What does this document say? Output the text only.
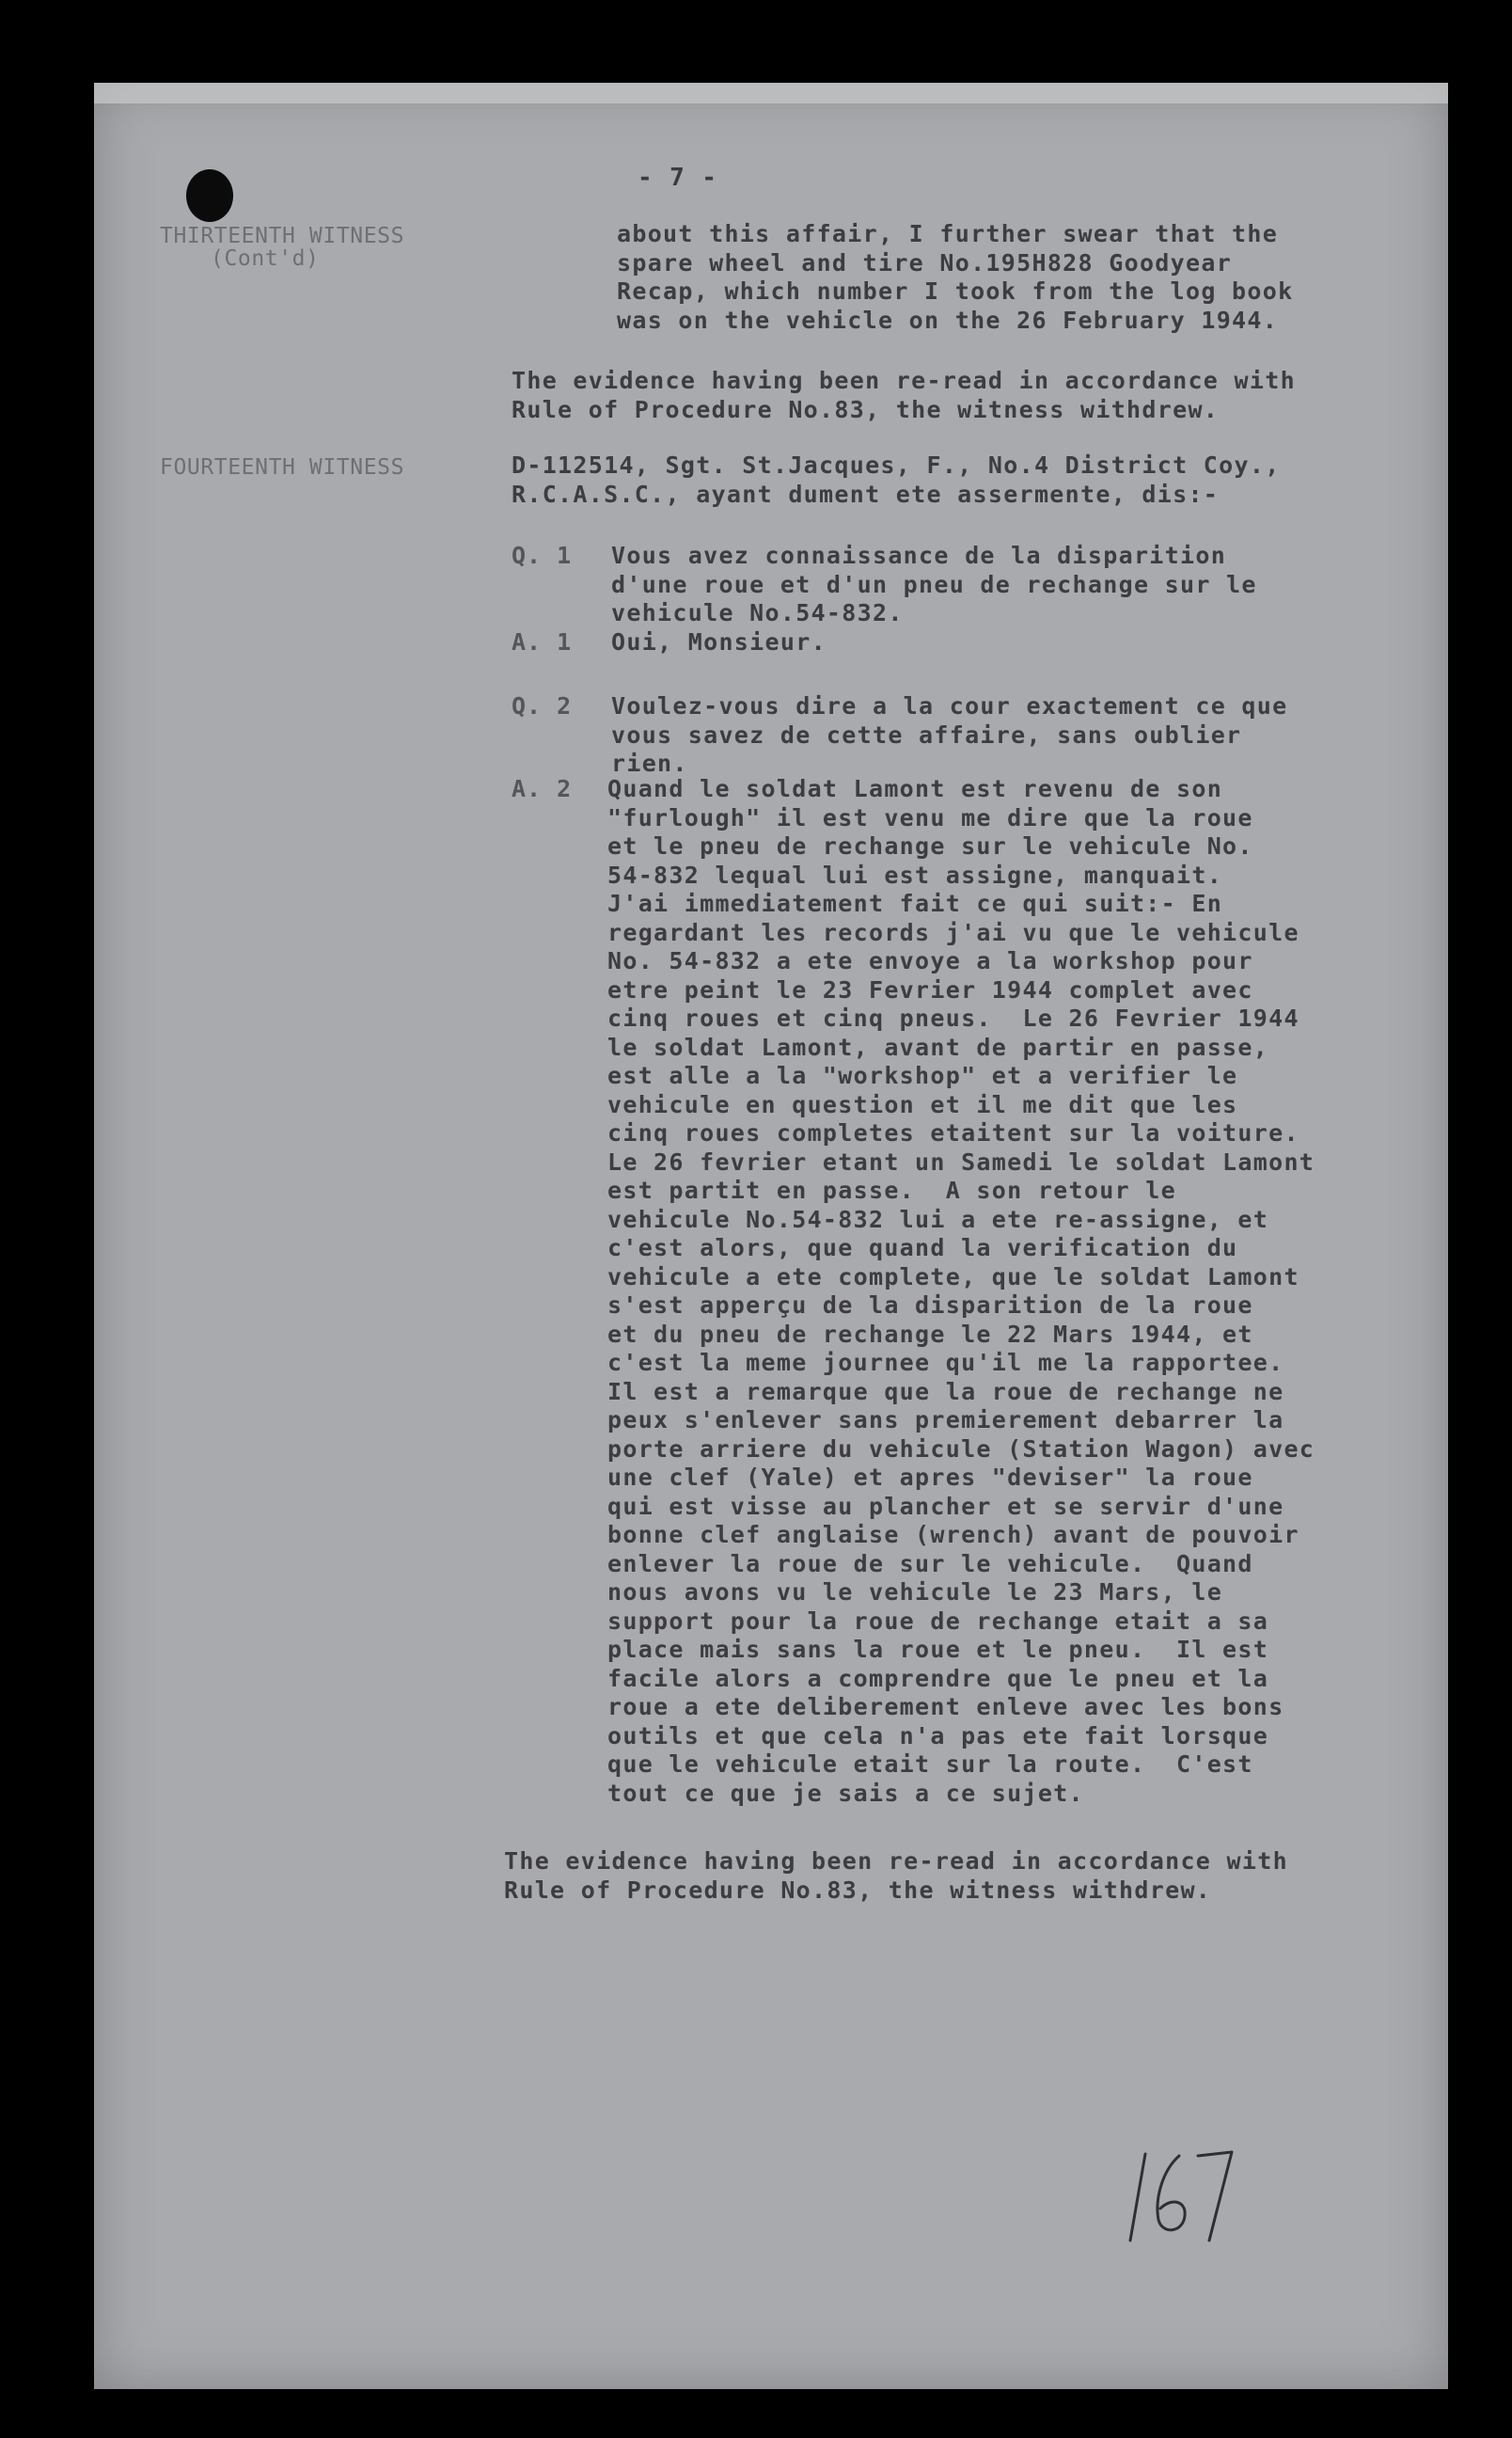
- 7 -
THIRTEENTH WITNESS
(Cont'd)
about this affair, I further swear that the
spare wheel and tire No.195H828 Goodyear
Recap, which number I took from the log book
was on the vehicle on the 26 February 1944.
The evidence having been re-read in accordance with
Rule of Procedure No.83, the witness withdrew.
FOURTEENTH WITNESS	D-112514, Sgt. St.Jacques, F., No.4 District Coy.,
R.C.A.S.C., ayant dument ete assermente, dis:-
Q. 1 Vous avez connaissance de la disparition
d'une roue et d'un pneu de rechange sur le
vehicule No.54-832.
A. 1 Oui, Monsieur.
Q. 2 Voulez-vous dire a la cour exactement ce que
vous savez de cette affaire, sans oublier
rien.
A. 2 Quand le soldat Lamont est revenu de son
"furlough" il est venu me dire que la roue
et le pneu de rechange sur le vehicule No.
54-832 lequal lui est assigne, manquait.
J'ai immediatement fait ce qui suit:- En
regardant les records j'ai vu que le vehicule
No. 54-832 a ete envoye a la workshop pour
etre peint le 23 Fevrier 1944 complet avec
cinq roues et cinq pneus.  Le 26 Fevrier 1944
le soldat Lamont, avant de partir en passe,
est alle a la "workshop" et a verifier le
vehicule en question et il me dit que les
cinq roues completes etaitent sur la voiture.
Le 26 fevrier etant un Samedi le soldat Lamont
est partit en passe.  A son retour le
vehicule No.54-832 lui a ete re-assigne, et
c'est alors, que quand la verification du
vehicule a ete complete, que le soldat Lamont
s'est apperçu de la disparition de la roue
et du pneu de rechange le 22 Mars 1944, et
c'est la meme journee qu'il me la rapportee.
Il est a remarque que la roue de rechange ne
peux s'enlever sans premierement debarrer la
porte arriere du vehicule (Station Wagon) avec
une clef (Yale) et apres "deviser" la roue
qui est visse au plancher et se servir d'une
bonne clef anglaise (wrench) avant de pouvoir
enlever la roue de sur le vehicule.  Quand
nous avons vu le vehicule le 23 Mars, le
support pour la roue de rechange etait a sa
place mais sans la roue et le pneu.  Il est
facile alors a comprendre que le pneu et la
roue a ete deliberement enleve avec les bons
outils et que cela n'a pas ete fait lorsque
que le vehicule etait sur la route.  C'est
tout ce que je sais a ce sujet.
The evidence having been re-read in accordance with
Rule of Procedure No.83, the witness withdrew.
